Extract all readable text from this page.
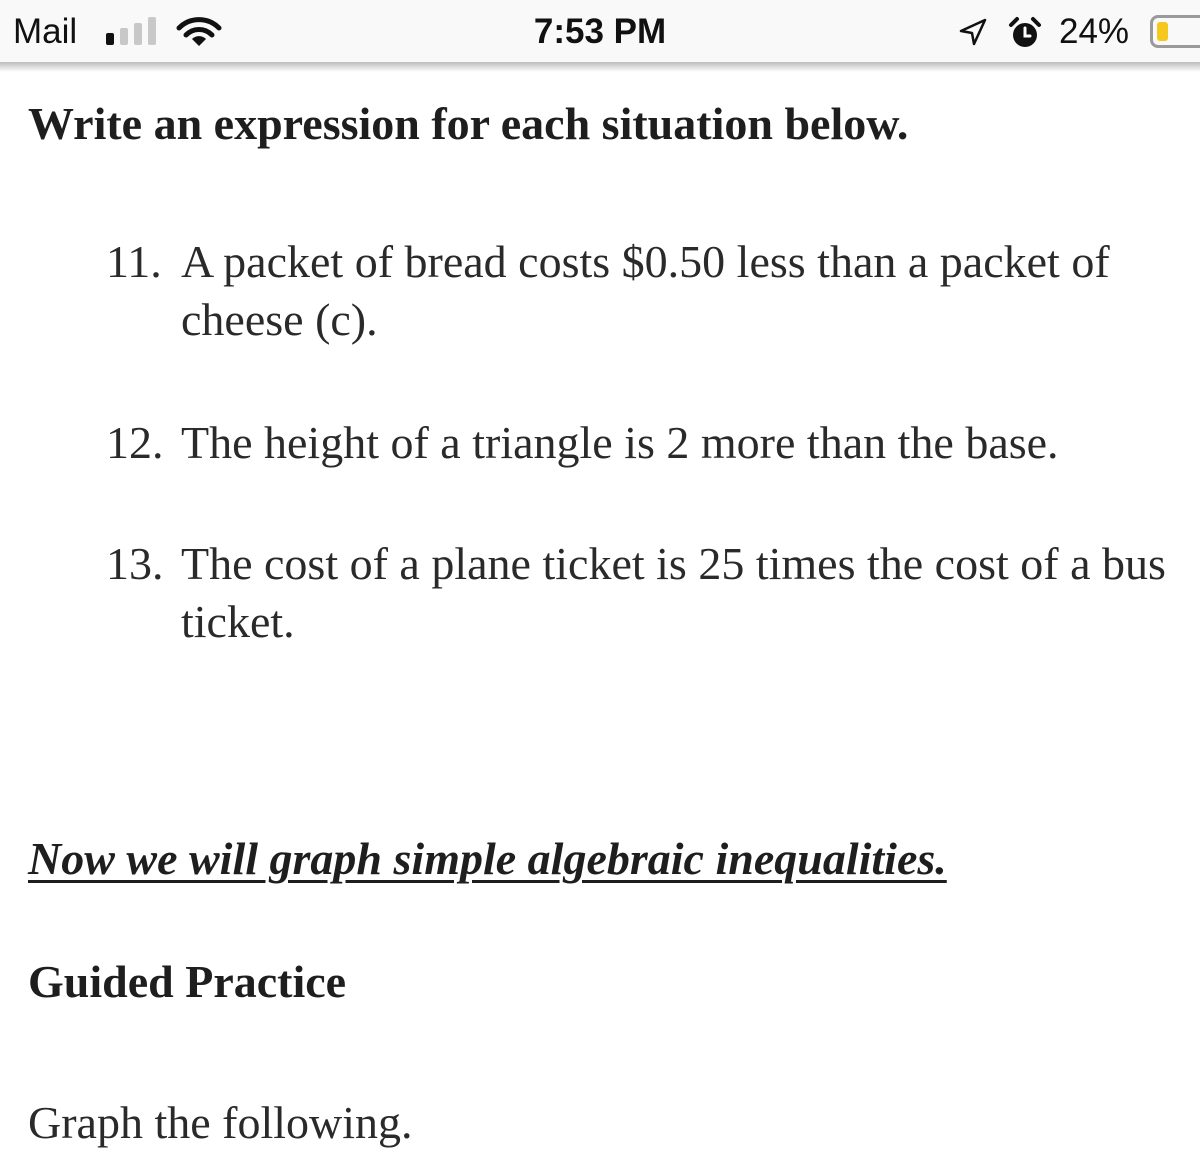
Mail	7:53 PM	24%
Write an expression for each situation below.
11. A packet of bread costs $0.50 less than a packet of cheese (c).
12. The height of a triangle is 2 more than the base.
13. The cost of a plane ticket is 25 times the cost of a bus ticket.
Now we will graph simple algebraic inequalities.
Guided Practice

Graph the following.
